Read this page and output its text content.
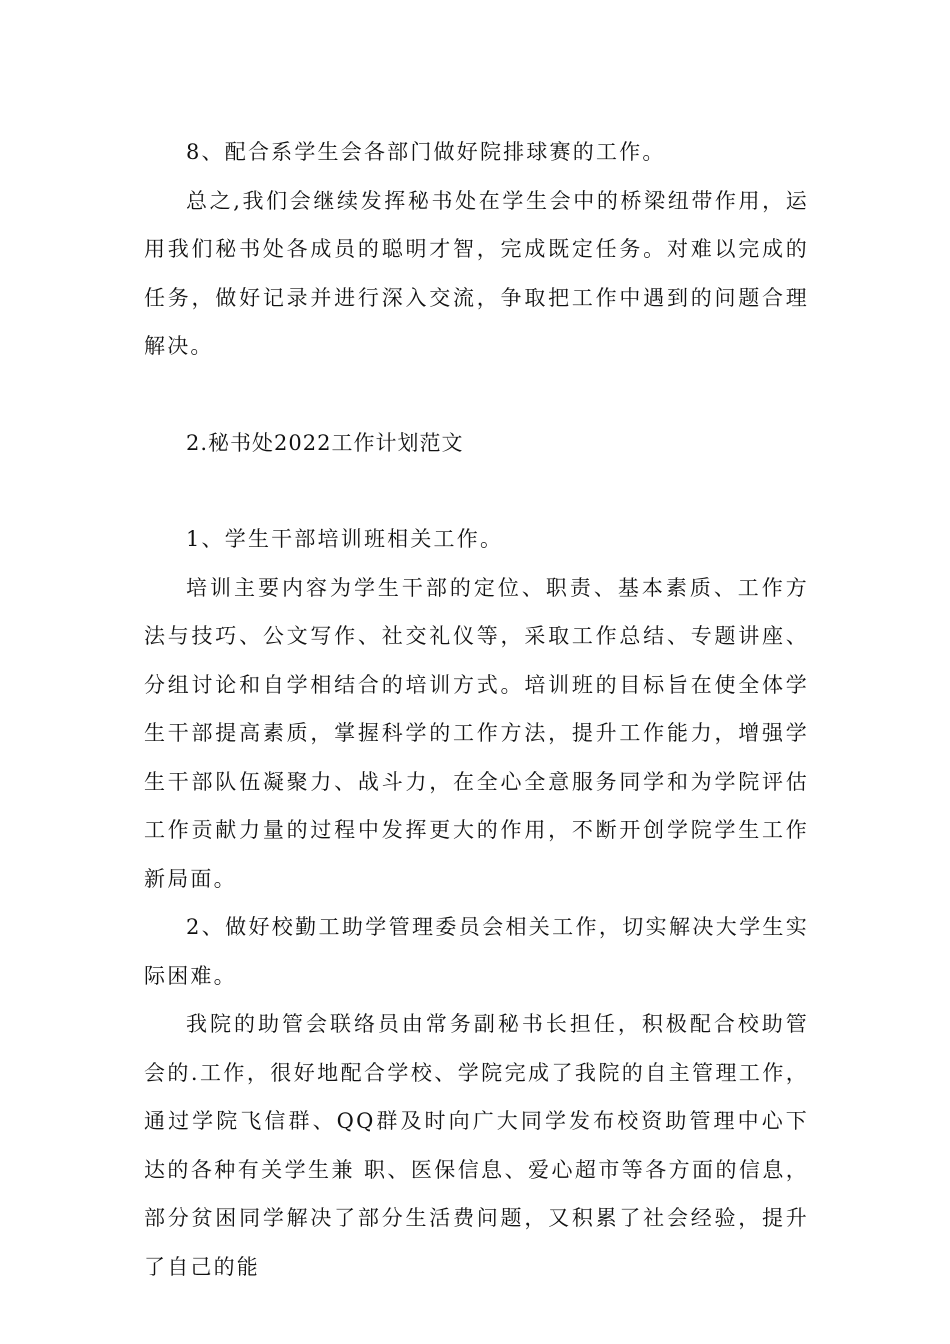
8、配合系学生会各部门做好院排球赛的工作。

总之,我们会继续发挥秘书处在学生会中的桥梁纽带作用，运用我们秘书处各成员的聪明才智，完成既定任务。对难以完成的任务，做好记录并进行深入交流，争取把工作中遇到的问题合理解决。

2.秘书处2022工作计划范文

1、学生干部培训班相关工作。

培训主要内容为学生干部的定位、职责、基本素质、工作方法与技巧、公文写作、社交礼仪等，采取工作总结、专题讲座、分组讨论和自学相结合的培训方式。培训班的目标旨在使全体学生干部提高素质，掌握科学的工作方法，提升工作能力，增强学生干部队伍凝聚力、战斗力，在全心全意服务同学和为学院评估工作贡献力量的过程中发挥更大的作用，不断开创学院学生工作新局面。

2、做好校勤工助学管理委员会相关工作，切实解决大学生实际困难。

我院的助管会联络员由常务副秘书长担任，积极配合校助管会的.工作，很好地配合学校、学院完成了我院的自主管理工作，通过学院飞信群、QQ群及时向广大同学发布校资助管理中心下达的各种有关学生兼 职、医保信息、爱心超市等各方面的信息，部分贫困同学解决了部分生活费问题，又积累了社会经验，提升了自己的能
